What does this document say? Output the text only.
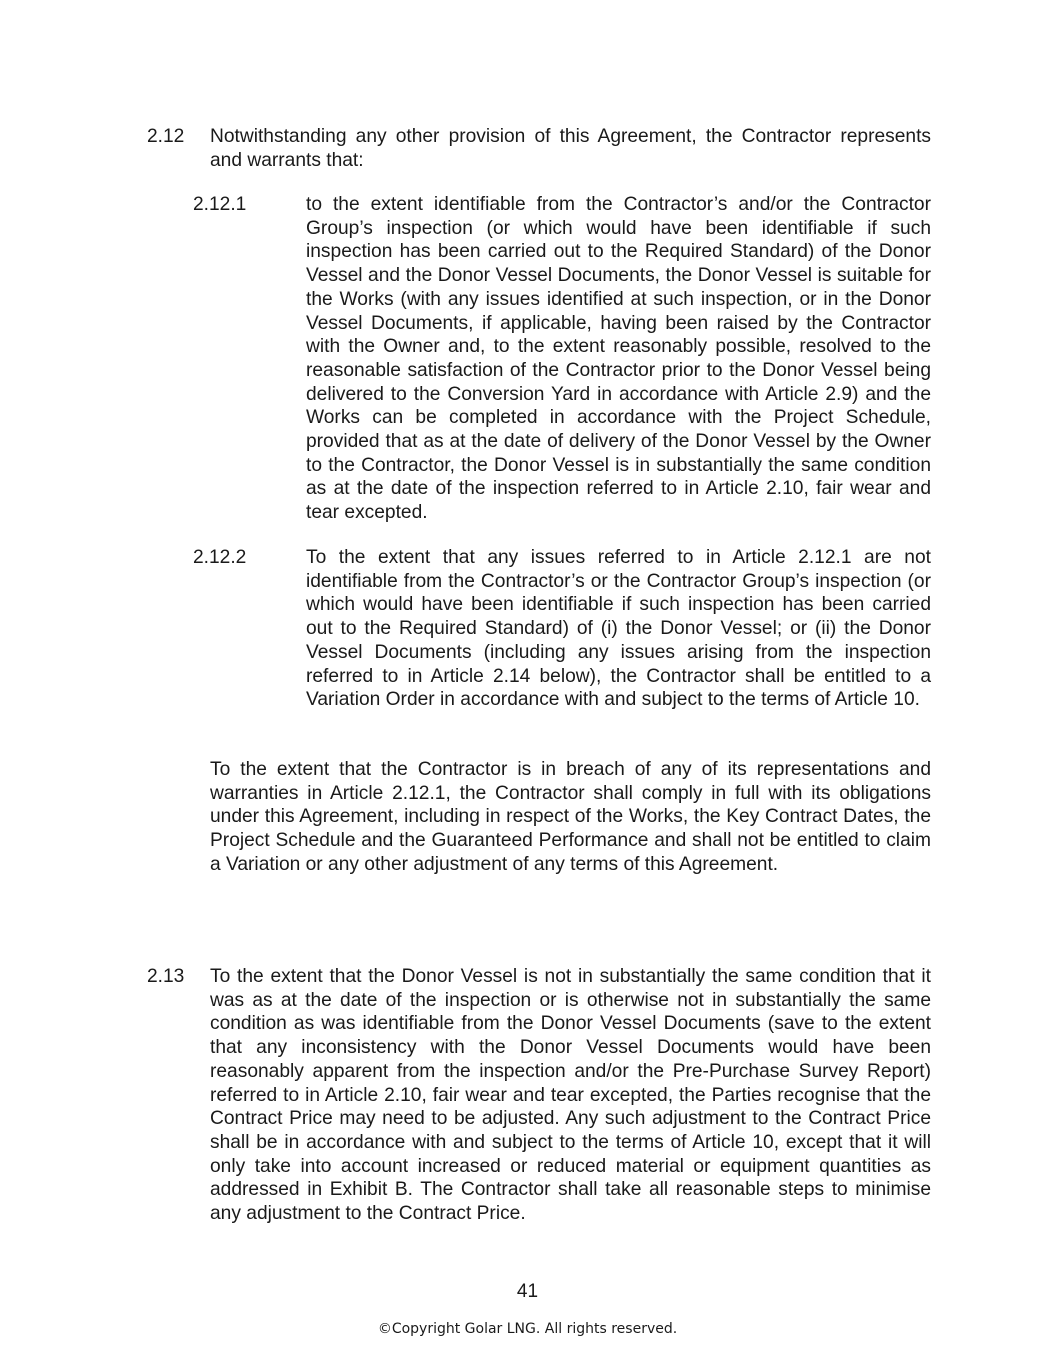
2.12 Notwithstanding any other provision of this Agreement, the Contractor represents and warrants that:

2.12.1	to the extent identifiable from the Contractor’s and/or the Contractor Group’s inspection (or which would have been identifiable if such inspection has been carried out to the Required Standard) of the Donor Vessel and the Donor Vessel Documents, the Donor Vessel is suitable for the Works (with any issues identified at such inspection, or in the Donor Vessel Documents, if applicable, having been raised by the Contractor with the Owner and, to the extent reasonably possible, resolved to the reasonable satisfaction of the Contractor prior to the Donor Vessel being delivered to the Conversion Yard in accordance with Article 2.9) and the Works can be completed in accordance with the Project Schedule, provided that as at the date of delivery of the Donor Vessel by the Owner to the Contractor, the Donor Vessel is in substantially the same condition as at the date of the inspection referred to in Article 2.10, fair wear and tear excepted.

2.12.2	To the extent that any issues referred to in Article 2.12.1 are not identifiable from the Contractor’s or the Contractor Group’s inspection (or which would have been identifiable if such inspection has been carried out to the Required Standard) of (i) the Donor Vessel; or (ii) the Donor Vessel Documents (including any issues arising from the inspection referred to in Article 2.14 below), the Contractor shall be entitled to a Variation Order in accordance with and subject to the terms of Article 10.

To the extent that the Contractor is in breach of any of its representations and warranties in Article 2.12.1, the Contractor shall comply in full with its obligations under this Agreement, including in respect of the Works, the Key Contract Dates, the Project Schedule and the Guaranteed Performance and shall not be entitled to claim a Variation or any other adjustment of any terms of this Agreement.

2.13 To the extent that the Donor Vessel is not in substantially the same condition that it was as at the date of the inspection or is otherwise not in substantially the same condition as was identifiable from the Donor Vessel Documents (save to the extent that any inconsistency with the Donor Vessel Documents would have been reasonably apparent from the inspection and/or the Pre-Purchase Survey Report) referred to in Article 2.10, fair wear and tear excepted, the Parties recognise that the Contract Price may need to be adjusted. Any such adjustment to the Contract Price shall be in accordance with and subject to the terms of Article 10, except that it will only take into account increased or reduced material or equipment quantities as addressed in Exhibit B. The Contractor shall take all reasonable steps to minimise any adjustment to the Contract Price.

41
©Copyright Golar LNG. All rights reserved.
